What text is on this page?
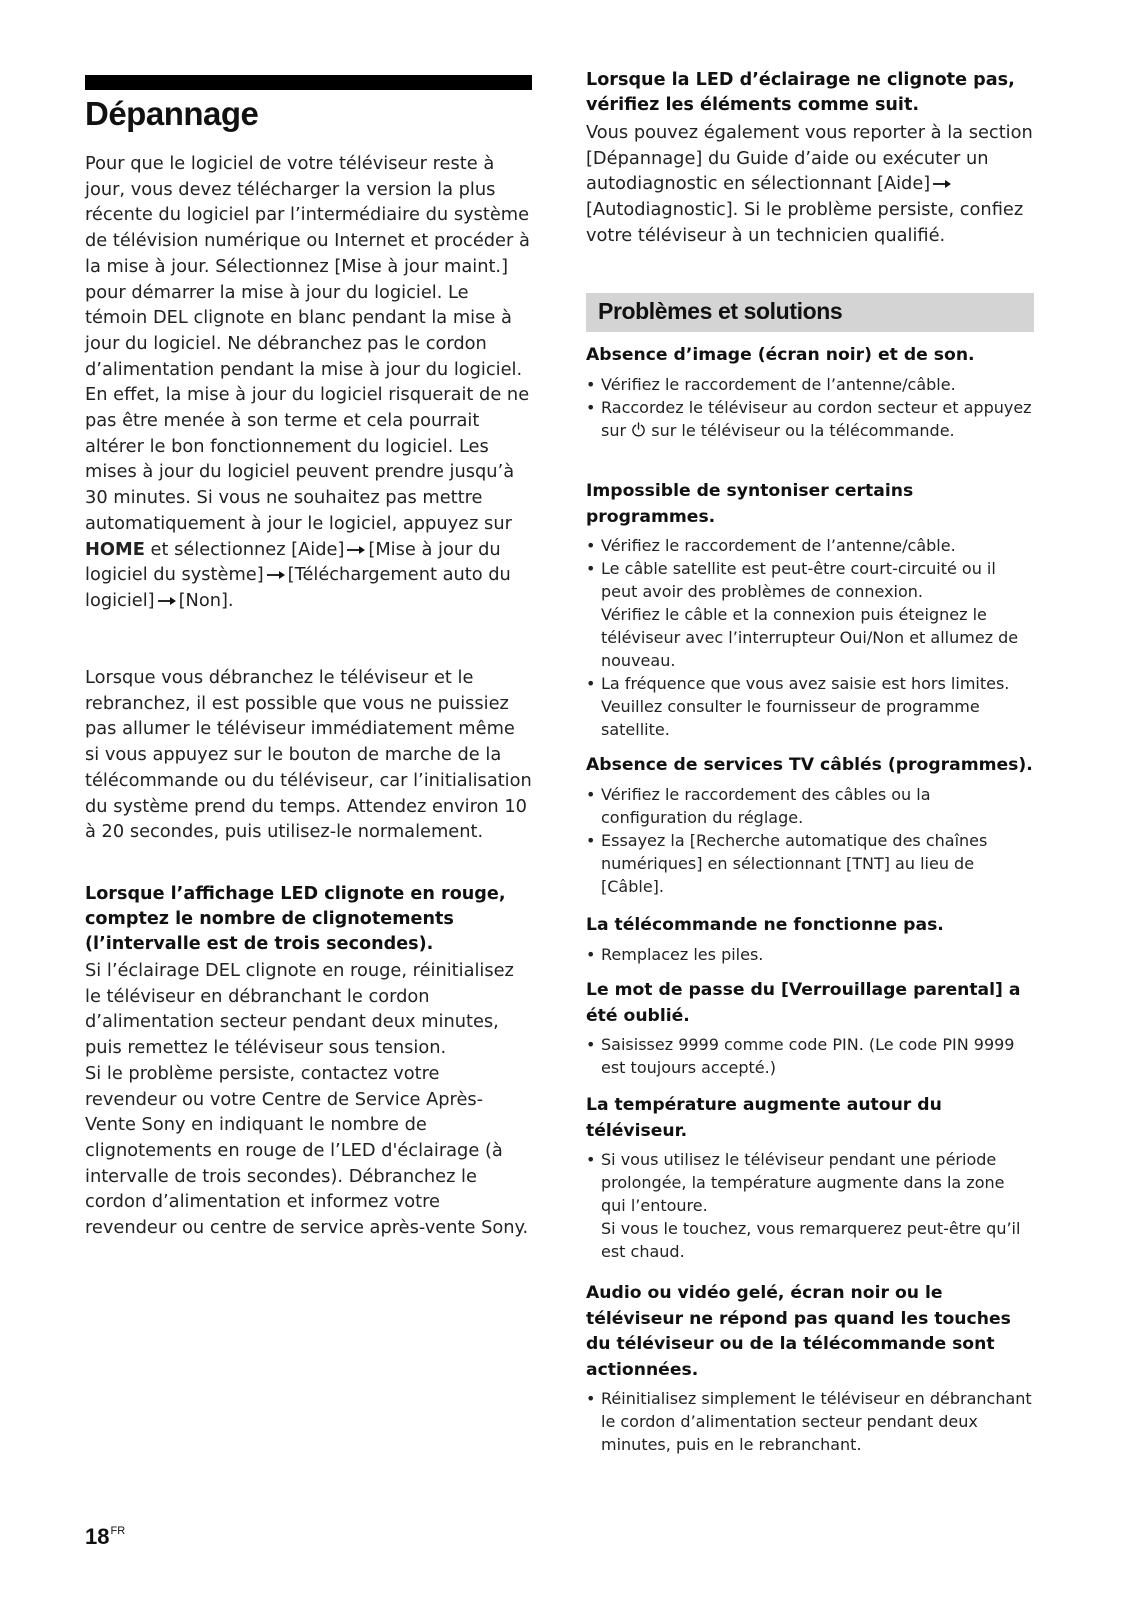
Dépannage

Pour que le logiciel de votre téléviseur reste à jour, vous devez télécharger la version la plus récente du logiciel par l’intermédiaire du système de télévision numérique ou Internet et procéder à la mise à jour. Sélectionnez [Mise à jour maint.] pour démarrer la mise à jour du logiciel. Le témoin DEL clignote en blanc pendant la mise à jour du logiciel. Ne débranchez pas le cordon d’alimentation pendant la mise à jour du logiciel. En effet, la mise à jour du logiciel risquerait de ne pas être menée à son terme et cela pourrait altérer le bon fonctionnement du logiciel. Les mises à jour du logiciel peuvent prendre jusqu’à 30 minutes. Si vous ne souhaitez pas mettre automatiquement à jour le logiciel, appuyez sur HOME et sélectionnez [Aide] [Mise à jour du logiciel du système] [Téléchargement auto du logiciel] [Non].

Lorsque vous débranchez le téléviseur et le rebranchez, il est possible que vous ne puissiez pas allumer le téléviseur immédiatement même si vous appuyez sur le bouton de marche de la télécommande ou du téléviseur, car l’initialisation du système prend du temps. Attendez environ 10 à 20 secondes, puis utilisez-le normalement.

Lorsque l’affichage LED clignote en rouge, comptez le nombre de clignotements (l’intervalle est de trois secondes).

Si l’éclairage DEL clignote en rouge, réinitialisez le téléviseur en débranchant le cordon d’alimentation secteur pendant deux minutes, puis remettez le téléviseur sous tension.
Si le problème persiste, contactez votre revendeur ou votre Centre de Service Après-Vente Sony en indiquant le nombre de clignotements en rouge de l’LED d'éclairage (à intervalle de trois secondes). Débranchez le cordon d’alimentation et informez votre revendeur ou centre de service après-vente Sony.

Lorsque la LED d’éclairage ne clignote pas, vérifiez les éléments comme suit.

Vous pouvez également vous reporter à la section [Dépannage] du Guide d’aide ou exécuter un autodiagnostic en sélectionnant [Aide][Autodiagnostic]. Si le problème persiste, confiez votre téléviseur à un technicien qualifié.

Problèmes et solutions

Absence d’image (écran noir) et de son.

• Vérifiez le raccordement de l’antenne/câble.
• Raccordez le téléviseur au cordon secteur et appuyez sur sur le téléviseur ou la télécommande.

Impossible de syntoniser certains programmes.

• Vérifiez le raccordement de l’antenne/câble.
• Le câble satellite est peut-être court-circuité ou il peut avoir des problèmes de connexion.
Vérifiez le câble et la connexion puis éteignez le téléviseur avec l’interrupteur Oui/Non et allumez de nouveau.
• La fréquence que vous avez saisie est hors limites. Veuillez consulter le fournisseur de programme satellite.

Absence de services TV câblés (programmes).

• Vérifiez le raccordement des câbles ou la configuration du réglage.
• Essayez la [Recherche automatique des chaînes numériques] en sélectionnant [TNT] au lieu de [Câble].

La télécommande ne fonctionne pas.

• Remplacez les piles.

Le mot de passe du [Verrouillage parental] a été oublié.

• Saisissez 9999 comme code PIN. (Le code PIN 9999 est toujours accepté.)

La température augmente autour du téléviseur.

• Si vous utilisez le téléviseur pendant une période prolongée, la température augmente dans la zone qui l’entoure.
Si vous le touchez, vous remarquerez peut-être qu’il est chaud.

Audio ou vidéo gelé, écran noir ou le téléviseur ne répond pas quand les touches du téléviseur ou de la télécommande sont actionnées.

• Réinitialisez simplement le téléviseur en débranchant le cordon d’alimentation secteur pendant deux minutes, puis en le rebranchant.
$18^{FR}$
